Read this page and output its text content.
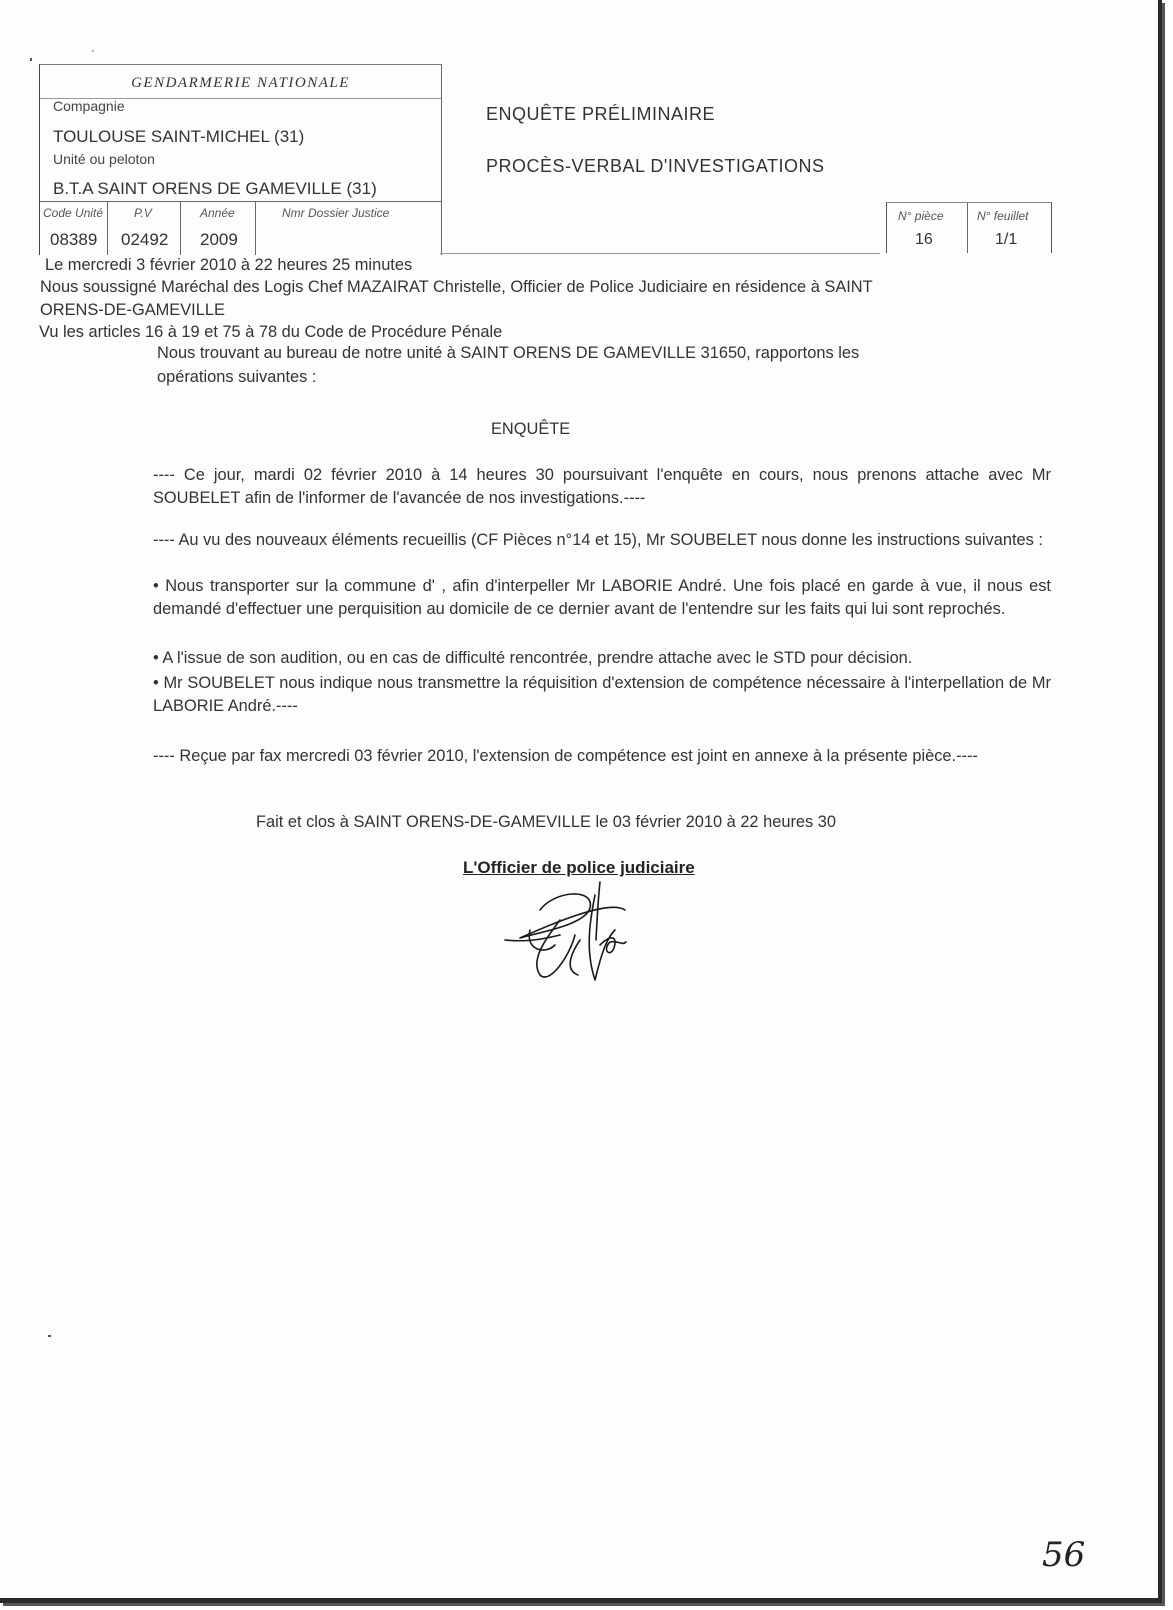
GENDARMERIE NATIONALE
Compagnie
TOULOUSE SAINT-MICHEL (31)
Unité ou peloton
B.T.A SAINT ORENS DE GAMEVILLE (31)
Code Unité	P.V	Année	Nmr Dossier Justice
08389 02492 2009
ENQUÊTE PRÉLIMINAIRE
PROCÈS-VERBAL D'INVESTIGATIONS
N° pièce	N° feuillet
16	1/1
Le mercredi 3 février 2010 à 22 heures 25 minutes
Nous soussigné Maréchal des Logis Chef MAZAIRAT Christelle, Officier de Police Judiciaire en résidence à SAINT
ORENS-DE-GAMEVILLE
Vu les articles 16 à 19 et 75 à 78 du Code de Procédure Pénale
Nous trouvant au bureau de notre unité à SAINT ORENS DE GAMEVILLE 31650, rapportons les
opérations suivantes :
ENQUÊTE
---- Ce jour, mardi 02 février 2010 à 14 heures 30 poursuivant l'enquête en cours, nous prenons attache avec Mr SOUBELET afin de l'informer de l'avancée de nos investigations.----
---- Au vu des nouveaux éléments recueillis (CF Pièces n°14 et 15), Mr SOUBELET nous donne les instructions suivantes :
• Nous transporter sur la commune d' , afin d'interpeller Mr LABORIE André. Une fois placé en garde à vue, il nous est demandé d'effectuer une perquisition au domicile de ce dernier avant de l'entendre sur les faits qui lui sont reprochés.
• A l'issue de son audition, ou en cas de difficulté rencontrée, prendre attache avec le STD pour décision.
• Mr SOUBELET nous indique nous transmettre la réquisition d'extension de compétence nécessaire à l'interpellation de Mr LABORIE André.----
---- Reçue par fax mercredi 03 février 2010, l'extension de compétence est joint en annexe à la présente pièce.----
Fait et clos à SAINT ORENS-DE-GAMEVILLE le 03 février 2010 à 22 heures 30
L'Officier de police judiciaire
56
